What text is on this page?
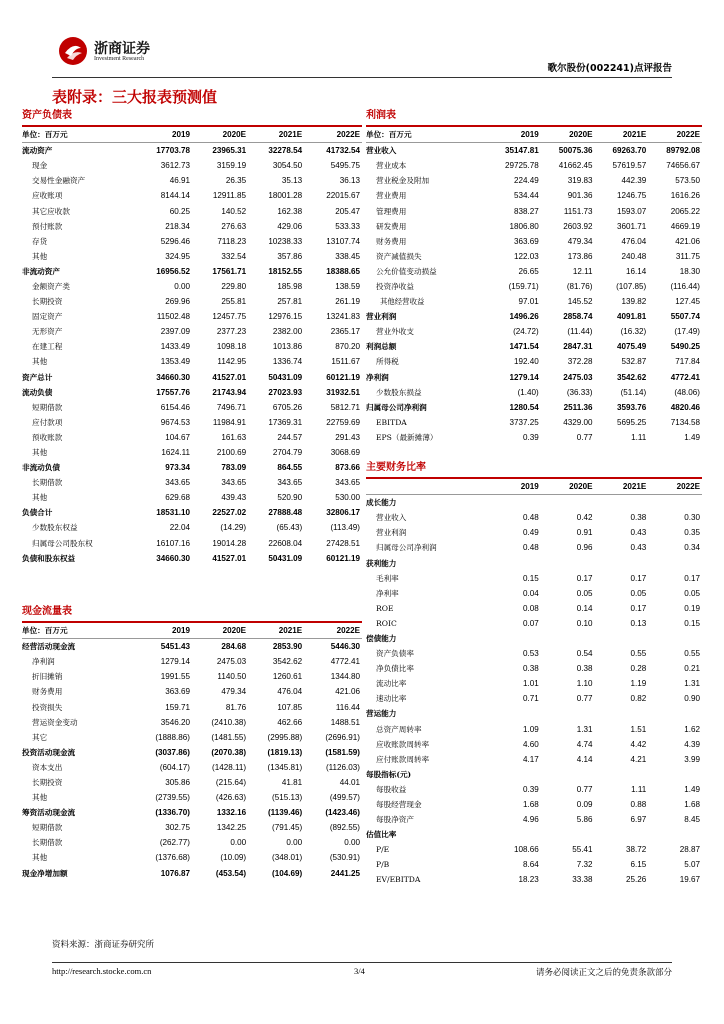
浙商证券
Investment Research
歌尔股份(002241)点评报告
表附录：三大报表预测值
资产负债表
单位：百万元	2019	2020E	2021E	2022E
流动资产	17703.78	23965.31	32278.54	41732.54
现金	3612.73	3159.19	3054.50	5495.75
交易性金融资产	46.91	26.35	35.13	36.13
应收账项	8144.14	12911.85	18001.28	22015.67
其它应收款	60.25	140.52	162.38	205.47
预付账款	218.34	276.63	429.06	533.33
存货	5296.46	7118.23	10238.33	13107.74
其他	324.95	332.54	357.86	338.45
非流动资产	16956.52	17561.71	18152.55	18388.65
金额资产类	0.00	229.80	185.98	138.59
长期投资	269.96	255.81	257.81	261.19
固定资产	11502.48	12457.75	12976.15	13241.83
无形资产	2397.09	2377.23	2382.00	2365.17
在建工程	1433.49	1098.18	1013.86	870.20
其他	1353.49	1142.95	1336.74	1511.67
资产总计	34660.30	41527.01	50431.09	60121.19
流动负债	17557.76	21743.94	27023.93	31932.51
短期借款	6154.46	7496.71	6705.26	5812.71
应付款项	9674.53	11984.91	17369.31	22759.69
预收账款	104.67	161.63	244.57	291.43
其他	1624.11	2100.69	2704.79	3068.69
非流动负债	973.34	783.09	864.55	873.66
长期借款	343.65	343.65	343.65	343.65
其他	629.68	439.43	520.90	530.00
负债合计	18531.10	22527.02	27888.48	32806.17
少数股东权益	22.04	(14.29)	(65.43)	(113.49)
归属母公司股东权	16107.16	19014.28	22608.04	27428.51
负债和股东权益	34660.30	41527.01	50431.09	60121.19
现金流量表
单位：百万元	2019	2020E	2021E	2022E
经营活动现金流	5451.43	284.68	2853.90	5446.30
净利润	1279.14	2475.03	3542.62	4772.41
折旧摊销	1991.55	1140.50	1260.61	1344.80
财务费用	363.69	479.34	476.04	421.06
投资损失	159.71	81.76	107.85	116.44
营运资金变动	3546.20	(2410.38)	462.66	1488.51
其它	(1888.86)	(1481.55)	(2995.88)	(2696.91)
投资活动现金流	(3037.86)	(2070.38)	(1819.13)	(1581.59)
资本支出	(604.17)	(1428.11)	(1345.81)	(1126.03)
长期投资	305.86	(215.64)	41.81	44.01
其他	(2739.55)	(426.63)	(515.13)	(499.57)
筹资活动现金流	(1336.70)	1332.16	(1139.46)	(1423.46)
短期借款	302.75	1342.25	(791.45)	(892.55)
长期借款	(262.77)	0.00	0.00	0.00
其他	(1376.68)	(10.09)	(348.01)	(530.91)
现金净增加额	1076.87	(453.54)	(104.69)	2441.25
利润表
单位：百万元	2019	2020E	2021E	2022E
营业收入	35147.81	50075.36	69263.70	89792.08
营业成本	29725.78	41662.45	57619.57	74656.67
营业税金及附加	224.49	319.83	442.39	573.50
营业费用	534.44	901.36	1246.75	1616.26
管理费用	838.27	1151.73	1593.07	2065.22
研发费用	1806.80	2603.92	3601.71	4669.19
财务费用	363.69	479.34	476.04	421.06
资产减值损失	122.03	173.86	240.48	311.75
公允价值变动损益	26.65	12.11	16.14	18.30
投资净收益	(159.71)	(81.76)	(107.85)	(116.44)
其他经营收益	97.01	145.52	139.82	127.45
营业利润	1496.26	2858.74	4091.81	5507.74
营业外收支	(24.72)	(11.44)	(16.32)	(17.49)
利润总额	1471.54	2847.31	4075.49	5490.25
所得税	192.40	372.28	532.87	717.84
净利润	1279.14	2475.03	3542.62	4772.41
少数股东损益	(1.40)	(36.33)	(51.14)	(48.06)
归属母公司净利润	1280.54	2511.36	3593.76	4820.46
EBITDA	3737.25	4329.00	5695.25	7134.58
EPS（最新摊薄）	0.39	0.77	1.11	1.49
主要财务比率
	2019	2020E	2021E	2022E
成长能力				
营业收入	0.48	0.42	0.38	0.30
营业利润	0.49	0.91	0.43	0.35
归属母公司净利润	0.48	0.96	0.43	0.34
获利能力				
毛利率	0.15	0.17	0.17	0.17
净利率	0.04	0.05	0.05	0.05
ROE	0.08	0.14	0.17	0.19
ROIC	0.07	0.10	0.13	0.15
偿债能力				
资产负债率	0.53	0.54	0.55	0.55
净负债比率	0.38	0.38	0.28	0.21
流动比率	1.01	1.10	1.19	1.31
速动比率	0.71	0.77	0.82	0.90
营运能力				
总资产周转率	1.09	1.31	1.51	1.62
应收账款周转率	4.60	4.74	4.42	4.39
应付账款周转率	4.17	4.14	4.21	3.99
每股指标(元)				
每股收益	0.39	0.77	1.11	1.49
每股经营现金	1.68	0.09	0.88	1.68
每股净资产	4.96	5.86	6.97	8.45
估值比率				
P/E	108.66	55.41	38.72	28.87
P/B	8.64	7.32	6.15	5.07
EV/EBITDA	18.23	33.38	25.26	19.67
资料来源：浙商证券研究所
http://research.stocke.com.cn	3/4	请务必阅读正文之后的免责条款部分
